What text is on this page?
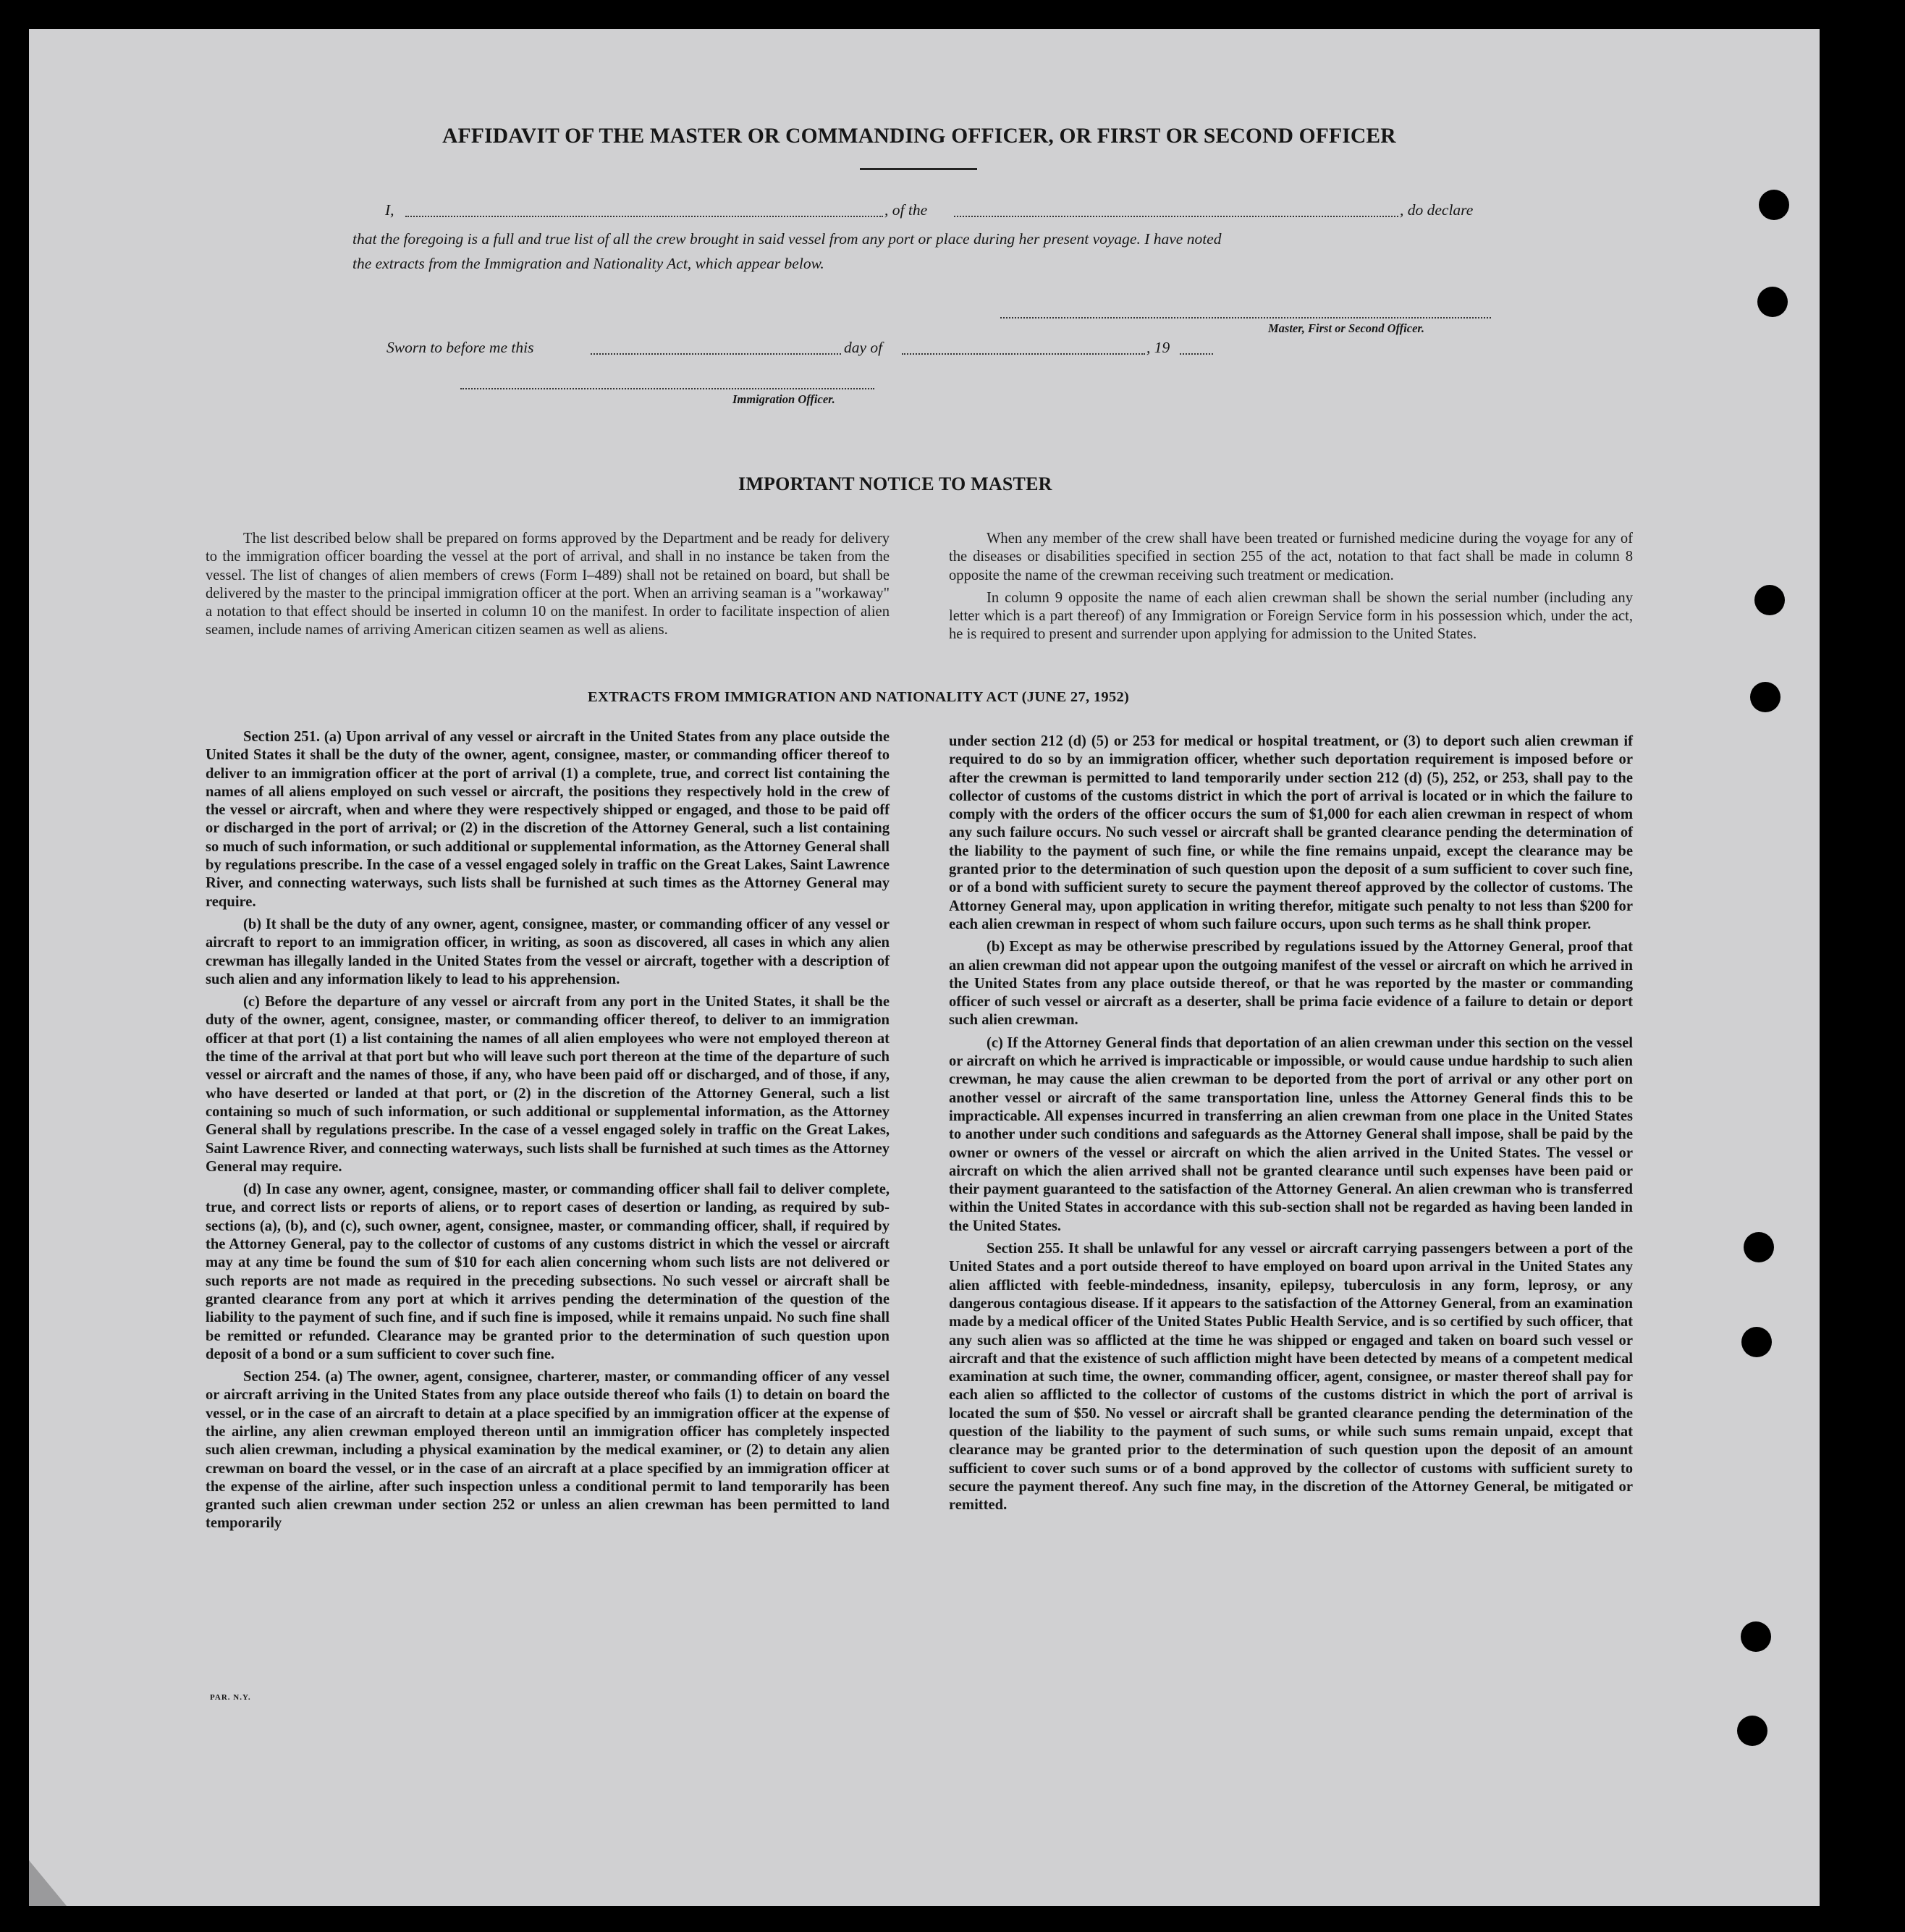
AFFIDAVIT OF THE MASTER OR COMMANDING OFFICER, OR FIRST OR SECOND OFFICER
I,	, of the	, do declare
that the foregoing is a full and true list of all the crew brought in said vessel from any port or place during her present voyage. I have noted
the extracts from the Immigration and Nationality Act, which appear below.
Master, First or Second Officer.
Sworn to before me this	day of	, 19
Immigration Officer.
IMPORTANT NOTICE TO MASTER

The list described below shall be prepared on forms approved by the Department and be ready for delivery to the immigration officer boarding the vessel at the port of arrival, and shall in no instance be taken from the vessel. The list of changes of alien members of crews (Form I–489) shall not be retained on board, but shall be delivered by the master to the principal immigration officer at the port. When an arriving seaman is a "workaway" a notation to that effect should be inserted in column 10 on the manifest. In order to facilitate inspection of alien seamen, include names of arriving American citizen seamen as well as aliens.

When any member of the crew shall have been treated or furnished medicine during the voyage for any of the diseases or disabilities specified in section 255 of the act, notation to that fact shall be made in column 8 opposite the name of the crewman receiving such treatment or medication.

In column 9 opposite the name of each alien crewman shall be shown the serial number (including any letter which is a part thereof) of any Immigration or Foreign Service form in his possession which, under the act, he is required to present and surrender upon applying for admission to the United States.

EXTRACTS FROM IMMIGRATION AND NATIONALITY ACT (JUNE 27, 1952)

Section 251. (a) Upon arrival of any vessel or aircraft in the United States from any place outside the United States it shall be the duty of the owner, agent, consignee, master, or commanding officer thereof to deliver to an immigration officer at the port of arrival (1) a complete, true, and correct list containing the names of all aliens employed on such vessel or aircraft, the positions they respectively hold in the crew of the vessel or aircraft, when and where they were respectively shipped or engaged, and those to be paid off or discharged in the port of arrival; or (2) in the discretion of the Attorney General, such a list containing so much of such information, or such additional or supplemental information, as the Attorney General shall by regulations prescribe. In the case of a vessel engaged solely in traffic on the Great Lakes, Saint Lawrence River, and connecting waterways, such lists shall be furnished at such times as the Attorney General may require.

(b) It shall be the duty of any owner, agent, consignee, master, or commanding officer of any vessel or aircraft to report to an immigration officer, in writing, as soon as discovered, all cases in which any alien crewman has illegally landed in the United States from the vessel or aircraft, together with a description of such alien and any information likely to lead to his apprehension.

(c) Before the departure of any vessel or aircraft from any port in the United States, it shall be the duty of the owner, agent, consignee, master, or commanding officer thereof, to deliver to an immigration officer at that port (1) a list containing the names of all alien employees who were not employed thereon at the time of the arrival at that port but who will leave such port thereon at the time of the departure of such vessel or aircraft and the names of those, if any, who have been paid off or discharged, and of those, if any, who have deserted or landed at that port, or (2) in the discretion of the Attorney General, such a list containing so much of such information, or such additional or supplemental information, as the Attorney General shall by regulations prescribe. In the case of a vessel engaged solely in traffic on the Great Lakes, Saint Lawrence River, and connecting waterways, such lists shall be furnished at such times as the Attorney General may require.

(d) In case any owner, agent, consignee, master, or commanding officer shall fail to deliver complete, true, and correct lists or reports of aliens, or to report cases of desertion or landing, as required by sub-sections (a), (b), and (c), such owner, agent, consignee, master, or commanding officer, shall, if required by the Attorney General, pay to the collector of customs of any customs district in which the vessel or aircraft may at any time be found the sum of $10 for each alien concerning whom such lists are not delivered or such reports are not made as required in the preceding subsections. No such vessel or aircraft shall be granted clearance from any port at which it arrives pending the determination of the question of the liability to the payment of such fine, and if such fine is imposed, while it remains unpaid. No such fine shall be remitted or refunded. Clearance may be granted prior to the determination of such question upon deposit of a bond or a sum sufficient to cover such fine.

Section 254. (a) The owner, agent, consignee, charterer, master, or commanding officer of any vessel or aircraft arriving in the United States from any place outside thereof who fails (1) to detain on board the vessel, or in the case of an aircraft to detain at a place specified by an immigration officer at the expense of the airline, any alien crewman employed thereon until an immigration officer has completely inspected such alien crewman, including a physical examination by the medical examiner, or (2) to detain any alien crewman on board the vessel, or in the case of an aircraft at a place specified by an immigration officer at the expense of the airline, after such inspection unless a conditional permit to land temporarily has been granted such alien crewman under section 252 or unless an alien crewman has been permitted to land temporarily

under section 212 (d) (5) or 253 for medical or hospital treatment, or (3) to deport such alien crewman if required to do so by an immigration officer, whether such deportation requirement is imposed before or after the crewman is permitted to land temporarily under section 212 (d) (5), 252, or 253, shall pay to the collector of customs of the customs district in which the port of arrival is located or in which the failure to comply with the orders of the officer occurs the sum of $1,000 for each alien crewman in respect of whom any such failure occurs. No such vessel or aircraft shall be granted clearance pending the determination of the liability to the payment of such fine, or while the fine remains unpaid, except the clearance may be granted prior to the determination of such question upon the deposit of a sum sufficient to cover such fine, or of a bond with sufficient surety to secure the payment thereof approved by the collector of customs. The Attorney General may, upon application in writing therefor, mitigate such penalty to not less than $200 for each alien crewman in respect of whom such failure occurs, upon such terms as he shall think proper.

(b) Except as may be otherwise prescribed by regulations issued by the Attorney General, proof that an alien crewman did not appear upon the outgoing manifest of the vessel or aircraft on which he arrived in the United States from any place outside thereof, or that he was reported by the master or commanding officer of such vessel or aircraft as a deserter, shall be prima facie evidence of a failure to detain or deport such alien crewman.

(c) If the Attorney General finds that deportation of an alien crewman under this section on the vessel or aircraft on which he arrived is impracticable or impossible, or would cause undue hardship to such alien crewman, he may cause the alien crewman to be deported from the port of arrival or any other port on another vessel or aircraft of the same transportation line, unless the Attorney General finds this to be impracticable. All expenses incurred in transferring an alien crewman from one place in the United States to another under such conditions and safeguards as the Attorney General shall impose, shall be paid by the owner or owners of the vessel or aircraft on which the alien arrived in the United States. The vessel or aircraft on which the alien arrived shall not be granted clearance until such expenses have been paid or their payment guaranteed to the satisfaction of the Attorney General. An alien crewman who is transferred within the United States in accordance with this sub-section shall not be regarded as having been landed in the United States.

Section 255. It shall be unlawful for any vessel or aircraft carrying passengers between a port of the United States and a port outside thereof to have employed on board upon arrival in the United States any alien afflicted with feeble-mindedness, insanity, epilepsy, tuberculosis in any form, leprosy, or any dangerous contagious disease. If it appears to the satisfaction of the Attorney General, from an examination made by a medical officer of the United States Public Health Service, and is so certified by such officer, that any such alien was so afflicted at the time he was shipped or engaged and taken on board such vessel or aircraft and that the existence of such affliction might have been detected by means of a competent medical examination at such time, the owner, commanding officer, agent, consignee, or master thereof shall pay for each alien so afflicted to the collector of customs of the customs district in which the port of arrival is located the sum of $50. No vessel or aircraft shall be granted clearance pending the determination of the question of the liability to the payment of such sums, or while such sums remain unpaid, except that clearance may be granted prior to the determination of such question upon the deposit of an amount sufficient to cover such sums or of a bond approved by the collector of customs with sufficient surety to secure the payment thereof. Any such fine may, in the discretion of the Attorney General, be mitigated or remitted.

PAR. N.Y.
